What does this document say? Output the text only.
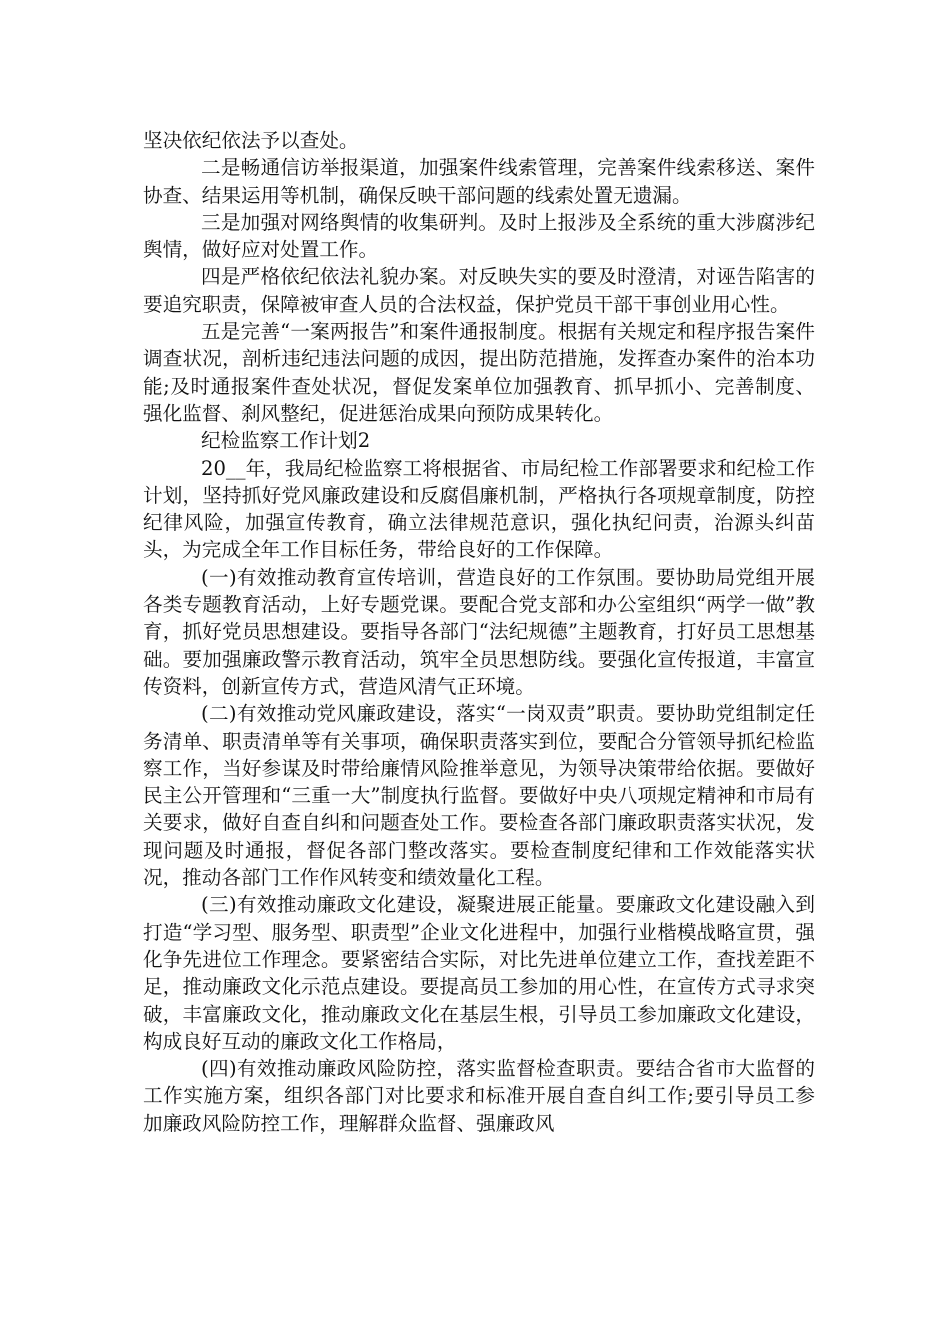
坚决依纪依法予以查处。

二是畅通信访举报渠道，加强案件线索管理，完善案件线索移送、案件协查、结果运用等机制，确保反映干部问题的线索处置无遗漏。

三是加强对网络舆情的收集研判。及时上报涉及全系统的重大涉腐涉纪舆情，做好应对处置工作。

四是严格依纪依法礼貌办案。对反映失实的要及时澄清，对诬告陷害的要追究职责，保障被审查人员的合法权益，保护党员干部干事创业用心性。

五是完善“一案两报告”和案件通报制度。根据有关规定和程序报告案件调查状况，剖析违纪违法问题的成因，提出防范措施，发挥查办案件的治本功能;及时通报案件查处状况，督促发案单位加强教育、抓早抓小、完善制度、强化监督、刹风整纪，促进惩治成果向预防成果转化。

纪检监察工作计划2

20__年，我局纪检监察工将根据省、市局纪检工作部署要求和纪检工作计划，坚持抓好党风廉政建设和反腐倡廉机制，严格执行各项规章制度，防控纪律风险，加强宣传教育，确立法律规范意识，强化执纪问责，治源头纠苗头，为完成全年工作目标任务，带给良好的工作保障。

(一)有效推动教育宣传培训，营造良好的工作氛围。要协助局党组开展各类专题教育活动，上好专题党课。要配合党支部和办公室组织“两学一做”教育，抓好党员思想建设。要指导各部门“法纪规德”主题教育，打好员工思想基础。要加强廉政警示教育活动，筑牢全员思想防线。要强化宣传报道，丰富宣传资料，创新宣传方式，营造风清气正环境。

(二)有效推动党风廉政建设，落实“一岗双责”职责。要协助党组制定任务清单、职责清单等有关事项，确保职责落实到位，要配合分管领导抓纪检监察工作，当好参谋及时带给廉情风险推举意见，为领导决策带给依据。要做好民主公开管理和“三重一大”制度执行监督。要做好中央八项规定精神和市局有关要求，做好自查自纠和问题查处工作。要检查各部门廉政职责落实状况，发现问题及时通报，督促各部门整改落实。要检查制度纪律和工作效能落实状况，推动各部门工作作风转变和绩效量化工程。

(三)有效推动廉政文化建设，凝聚进展正能量。要廉政文化建设融入到打造“学习型、服务型、职责型”企业文化进程中，加强行业楷模战略宣贯，强化争先进位工作理念。要紧密结合实际，对比先进单位建立工作，查找差距不足，推动廉政文化示范点建设。要提高员工参加的用心性，在宣传方式寻求突破，丰富廉政文化，推动廉政文化在基层生根，引导员工参加廉政文化建设，构成良好互动的廉政文化工作格局，

(四)有效推动廉政风险防控，落实监督检查职责。要结合省市大监督的工作实施方案，组织各部门对比要求和标准开展自查自纠工作;要引导员工参加廉政风险防控工作，理解群众监督、强廉政风
